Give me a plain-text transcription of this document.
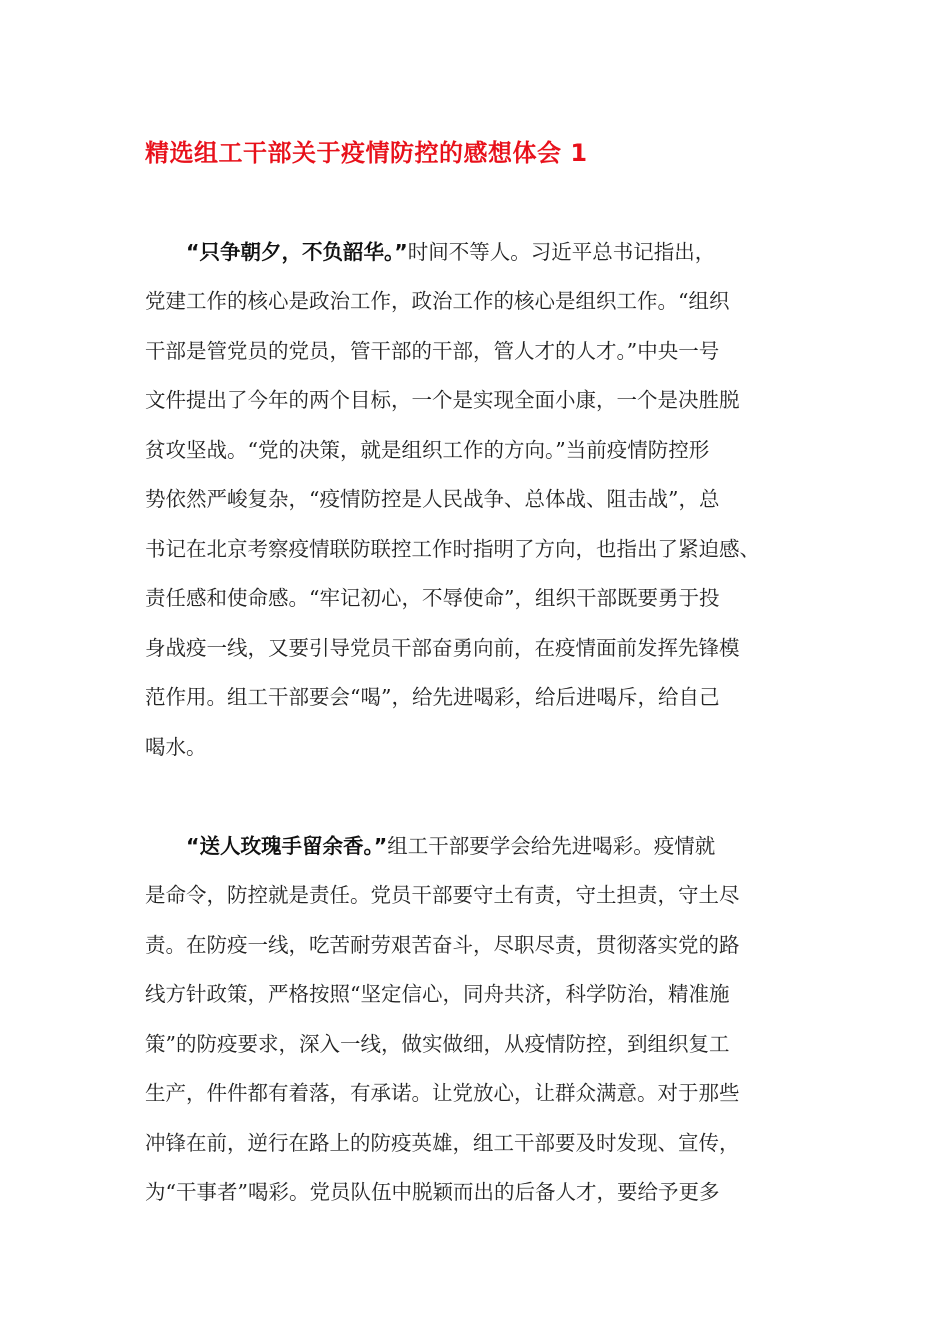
精选组工干部关于疫情防控的感想体会 1
“只争朝夕，不负韶华。”时间不等人。习近平总书记指出，
党建工作的核心是政治工作，政治工作的核心是组织工作。“组织
干部是管党员的党员，管干部的干部，管人才的人才。”中央一号
文件提出了今年的两个目标，一个是实现全面小康，一个是决胜脱
贫攻坚战。“党的决策，就是组织工作的方向。”当前疫情防控形
势依然严峻复杂，“疫情防控是人民战争、总体战、阻击战”，总
书记在北京考察疫情联防联控工作时指明了方向，也指出了紧迫感、
责任感和使命感。“牢记初心，不辱使命”，组织干部既要勇于投
身战疫一线，又要引导党员干部奋勇向前，在疫情面前发挥先锋模
范作用。组工干部要会“喝”，给先进喝彩，给后进喝斥，给自己
喝水。
“送人玫瑰手留余香。”组工干部要学会给先进喝彩。疫情就
是命令，防控就是责任。党员干部要守土有责，守土担责，守土尽
责。在防疫一线，吃苦耐劳艰苦奋斗，尽职尽责，贯彻落实党的路
线方针政策，严格按照“坚定信心，同舟共济，科学防治，精准施
策”的防疫要求，深入一线，做实做细，从疫情防控，到组织复工
生产，件件都有着落，有承诺。让党放心，让群众满意。对于那些
冲锋在前，逆行在路上的防疫英雄，组工干部要及时发现、宣传，
为“干事者”喝彩。党员队伍中脱颖而出的后备人才，要给予更多
